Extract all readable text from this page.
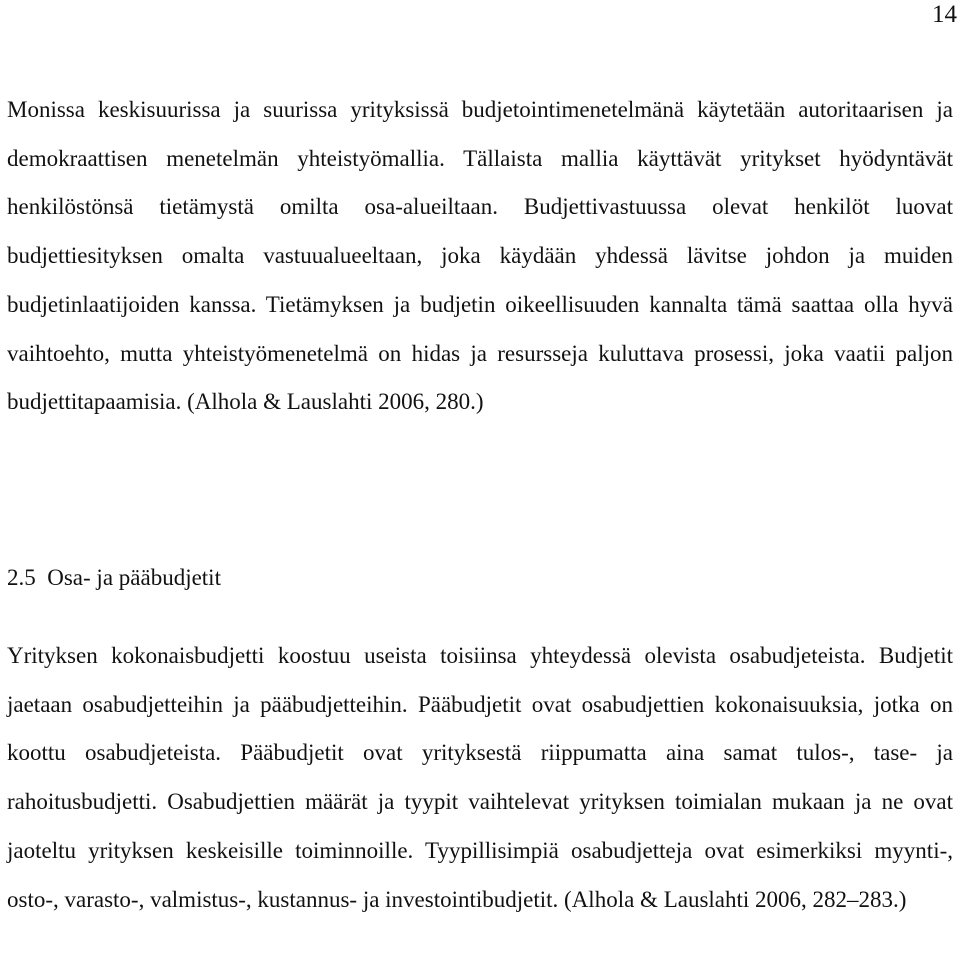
14

Monissa keskisuurissa ja suurissa yrityksissä budjetointimenetelmänä käytetään autoritaarisen ja demokraattisen menetelmän yhteistyömallia. Tällaista mallia käyttävät yritykset hyödyntävät henkilöstönsä tietämystä omilta osa-alueiltaan. Budjettivastuussa olevat henkilöt luovat budjettiesityksen omalta vastuualueeltaan, joka käydään yhdessä lävitse johdon ja muiden budjetinlaatijoiden kanssa. Tietämyksen ja budjetin oikeellisuuden kannalta tämä saattaa olla hyvä vaihtoehto, mutta yhteistyömenetelmä on hidas ja resursseja kuluttava prosessi, joka vaatii paljon budjettitapaamisia. (Alhola & Lauslahti 2006, 280.)

2.5  Osa- ja pääbudjetit

Yrityksen kokonaisbudjetti koostuu useista toisiinsa yhteydessä olevista osabudjeteista. Budjetit jaetaan osabudjetteihin ja pääbudjetteihin. Pääbudjetit ovat osabudjettien kokonaisuuksia, jotka on koottu osabudjeteista. Pääbudjetit ovat yrityksestä riippumatta aina samat tulos-, tase- ja rahoitusbudjetti. Osabudjettien määrät ja tyypit vaihtelevat yrityksen toimialan mukaan ja ne ovat jaoteltu yrityksen keskeisille toiminnoille. Tyypillisimpiä osabudjetteja ovat esimerkiksi myynti-, osto-, varasto-, valmistus-, kustannus- ja investointibudjetit. (Alhola & Lauslahti 2006, 282–283.)
